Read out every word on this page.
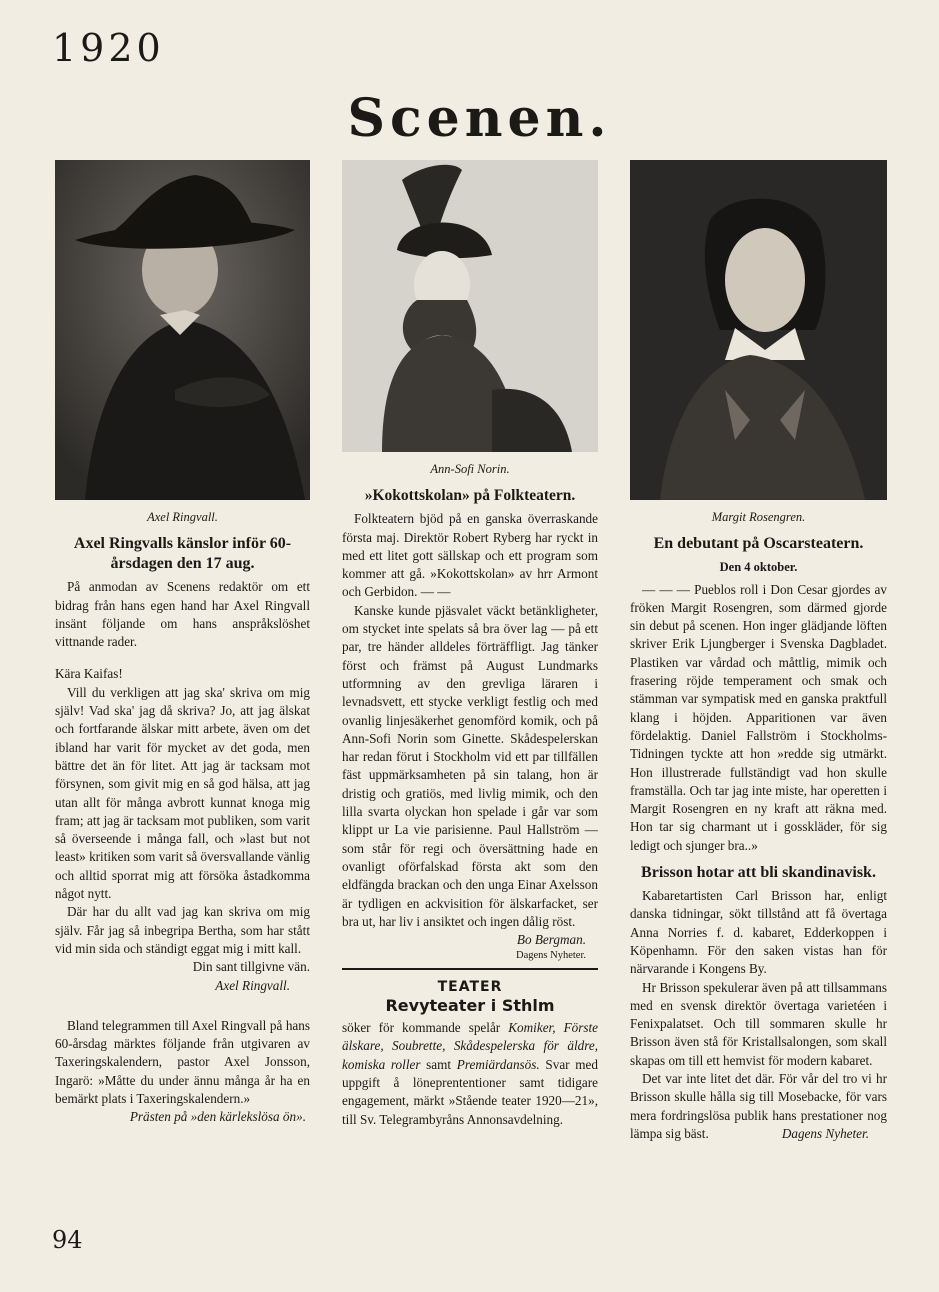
1920
Scenen.
Axel Ringvall.
Axel Ringvalls känslor inför 60-årsdagen den 17 aug.

På anmodan av Scenens redaktör om ett bidrag från hans egen hand har Axel Ringvall insänt följande om hans anspråkslöshet vittnande rader.

Kära Kaifas!

Vill du verkligen att jag ska' skriva om mig själv! Vad ska' jag då skriva? Jo, att jag älskat och fortfarande älskar mitt arbete, även om det ibland har varit för mycket av det goda, men bättre det än för litet. Att jag är tacksam mot försynen, som givit mig en så god hälsa, att jag utan allt för många avbrott kunnat knoga mig fram; att jag är tacksam mot publiken, som varit så överseende i många fall, och »last but not least» kritiken som varit så översvallande vänlig och alltid sporrat mig att försöka åstadkomma något nytt.

Där har du allt vad jag kan skriva om mig själv. Får jag så inbegripa Bertha, som har stått vid min sida och ständigt eggat mig i mitt kall.

Din sant tillgivne vän.

Axel Ringvall.

Bland telegrammen till Axel Ringvall på hans 60-årsdag märktes följande från utgivaren av Taxeringskalendern, pastor Axel Jonsson, Ingarö: »Måtte du under ännu många år ha en bemärkt plats i Taxeringskalendern.»

Prästen på »den kärlekslösa ön».

Ann-Sofi Norin.
»Kokottskolan» på Folkteatern.

Folkteatern bjöd på en ganska överraskande första maj. Direktör Robert Ryberg har ryckt in med ett litet gott sällskap och ett program som kommer att gå. »Kokottskolan» av hrr Armont och Gerbidon. — —

Kanske kunde pjäsvalet väckt betänkligheter, om stycket inte spelats så bra över lag — på ett par, tre händer alldeles förträffligt. Jag tänker först och främst på August Lundmarks utformning av den grevliga läraren i levnadsvett, ett stycke verkligt festlig och med ovanlig linjesäkerhet genomförd komik, och på Ann-Sofi Norin som Ginette. Skådespelerskan har redan förut i Stockholm vid ett par tillfällen fäst uppmärksamheten på sin talang, hon är dristig och gratiös, med livlig mimik, och den lilla svarta olyckan hon spelade i går var som klippt ur La vie parisienne. Paul Hallström — som står för regi och översättning hade en ovanligt oförfalskad första akt som den eldfängda brackan och den unga Einar Axelsson är tydligen en ackvisition för älskarfacket, ser bra ut, har liv i ansiktet och ingen dålig röst.

Bo Bergman.

Dagens Nyheter.

TEATER
Revyteater i Sthlm

söker för kommande spelår Komiker, Förste älskare, Soubrette, Skådespelerska för äldre, komiska roller samt Premiärdansös. Svar med uppgift å löneprententioner samt tidigare engagement, märkt »Stående teater 1920—21», till Sv. Telegrambyråns Annonsavdelning.

Margit Rosengren.
En debutant på Oscarsteatern.
Den 4 oktober.

— — — Pueblos roll i Don Cesar gjordes av fröken Margit Rosengren, som därmed gjorde sin debut på scenen. Hon inger glädjande löften skriver Erik Ljungberger i Svenska Dagbladet. Plastiken var vårdad och måttlig, mimik och frasering röjde temperament och smak och stämman var sympatisk med en ganska praktfull klang i höjden. Apparitionen var även fördelaktig. Daniel Fallström i Stockholms-Tidningen tyckte att hon »redde sig utmärkt. Hon illustrerade fullständigt vad hon skulle framställa. Och tar jag inte miste, har operetten i Margit Rosengren en ny kraft att räkna med. Hon tar sig charmant ut i gosskläder, för sig ledigt och sjunger bra..»

Brisson hotar att bli skandinavisk.

Kabaretartisten Carl Brisson har, enligt danska tidningar, sökt tillstånd att få övertaga Anna Norries f. d. kabaret, Edderkoppen i Köpenhamn. För den saken vistas han för närvarande i Kongens By.

Hr Brisson spekulerar även på att tillsammans med en svensk direktör övertaga varietéen i Fenixpalatset. Och till sommaren skulle hr Brisson även stå för Kristallsalongen, som skall skapas om till ett hemvist för modern kabaret.

Det var inte litet det där. För vår del tro vi hr Brisson skulle hålla sig till Mosebacke, för vars mera fordringslösa publik hans prestationer nog lämpa sig bäst.	Dagens Nyheter.

94
